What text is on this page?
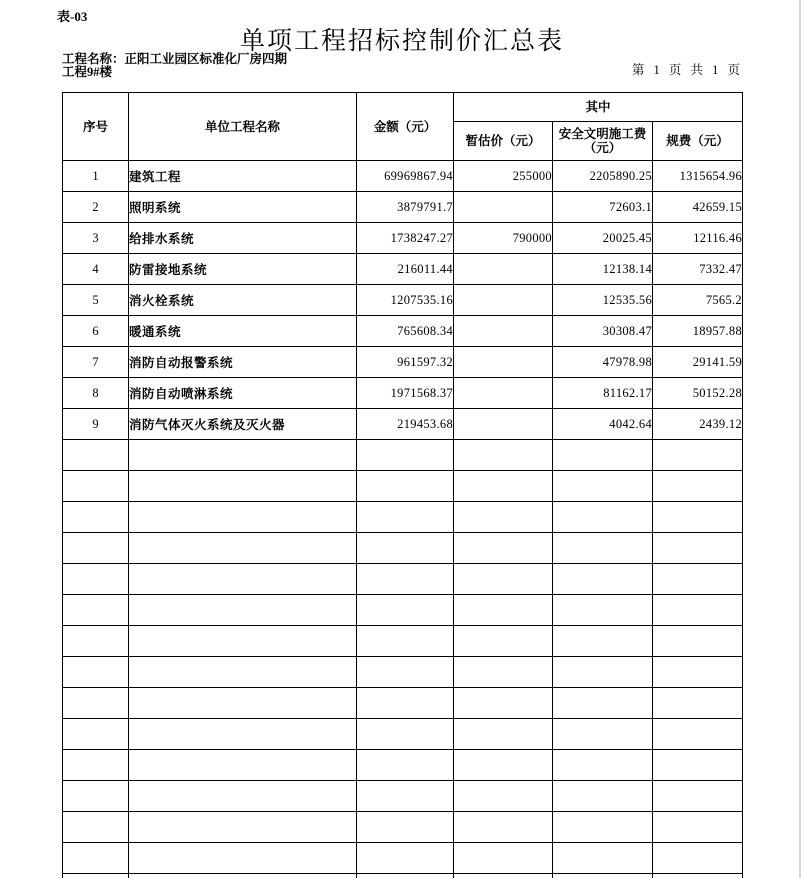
表-03
单项工程招标控制价汇总表
工程名称：正阳工业园区标准化厂房四期
工程9#楼	第 1 页 共 1 页
序号	单位工程名称	金额（元）	其中		
			暂估价（元）	安全文明施工费
（元）	规费（元）
1	建筑工程	69969867.94	255000	2205890.25	1315654.96
2	照明系统	3879791.7		72603.1	42659.15
3	给排水系统	1738247.27	790000	20025.45	12116.46
4	防雷接地系统	216011.44		12138.14	7332.47
5	消火栓系统	1207535.16		12535.56	7565.2
6	暖通系统	765608.34		30308.47	18957.88
7	消防自动报警系统	961597.32		47978.98	29141.59
8	消防自动喷淋系统	1971568.37		81162.17	50152.28
9	消防气体灭火系统及灭火器	219453.68		4042.64	2439.12
